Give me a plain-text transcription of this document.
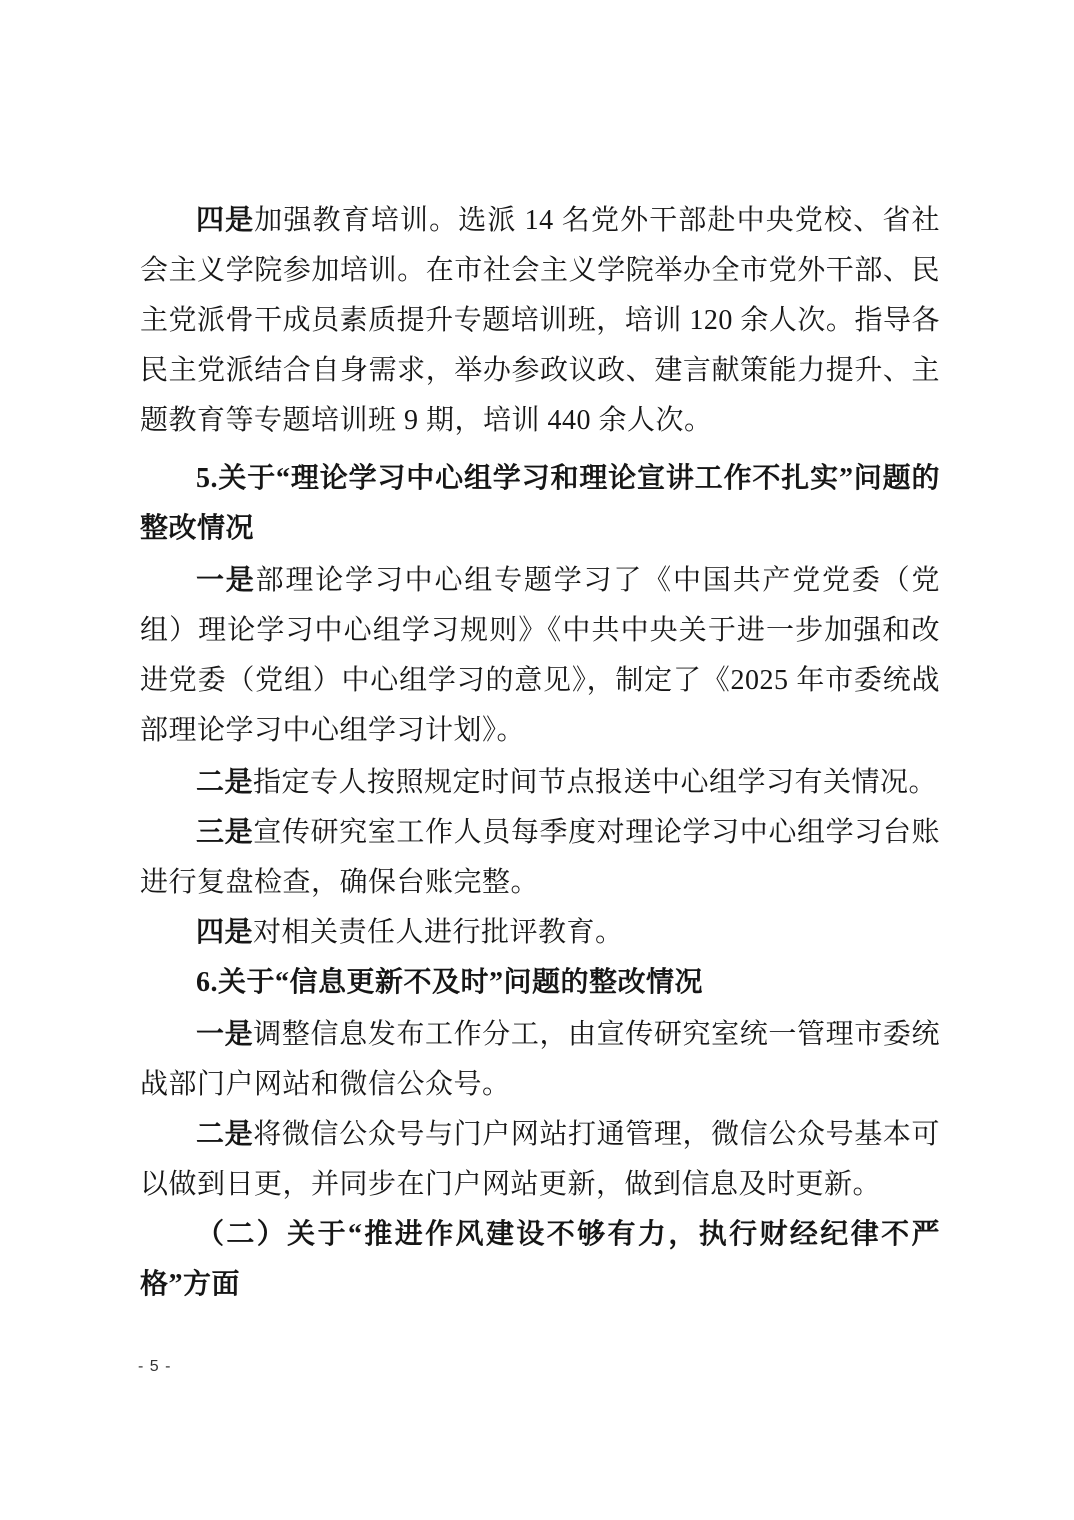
四是加强教育培训。选派 14 名党外干部赴中央党校、省社会主义学院参加培训。在市社会主义学院举办全市党外干部、民主党派骨干成员素质提升专题培训班，培训 120 余人次。指导各民主党派结合自身需求，举办参政议政、建言献策能力提升、主题教育等专题培训班 9 期，培训 440 余人次。

5.关于“理论学习中心组学习和理论宣讲工作不扎实”问题的整改情况

一是部理论学习中心组专题学习了《中国共产党党委（党组）理论学习中心组学习规则》《中共中央关于进一步加强和改进党委（党组）中心组学习的意见》，制定了《2025 年市委统战部理论学习中心组学习计划》。

二是指定专人按照规定时间节点报送中心组学习有关情况。

三是宣传研究室工作人员每季度对理论学习中心组学习台账进行复盘检查，确保台账完整。

四是对相关责任人进行批评教育。

6.关于“信息更新不及时”问题的整改情况

一是调整信息发布工作分工，由宣传研究室统一管理市委统战部门户网站和微信公众号。

二是将微信公众号与门户网站打通管理，微信公众号基本可以做到日更，并同步在门户网站更新，做到信息及时更新。

（二）关于“推进作风建设不够有力，执行财经纪律不严格”方面

- 5 -
